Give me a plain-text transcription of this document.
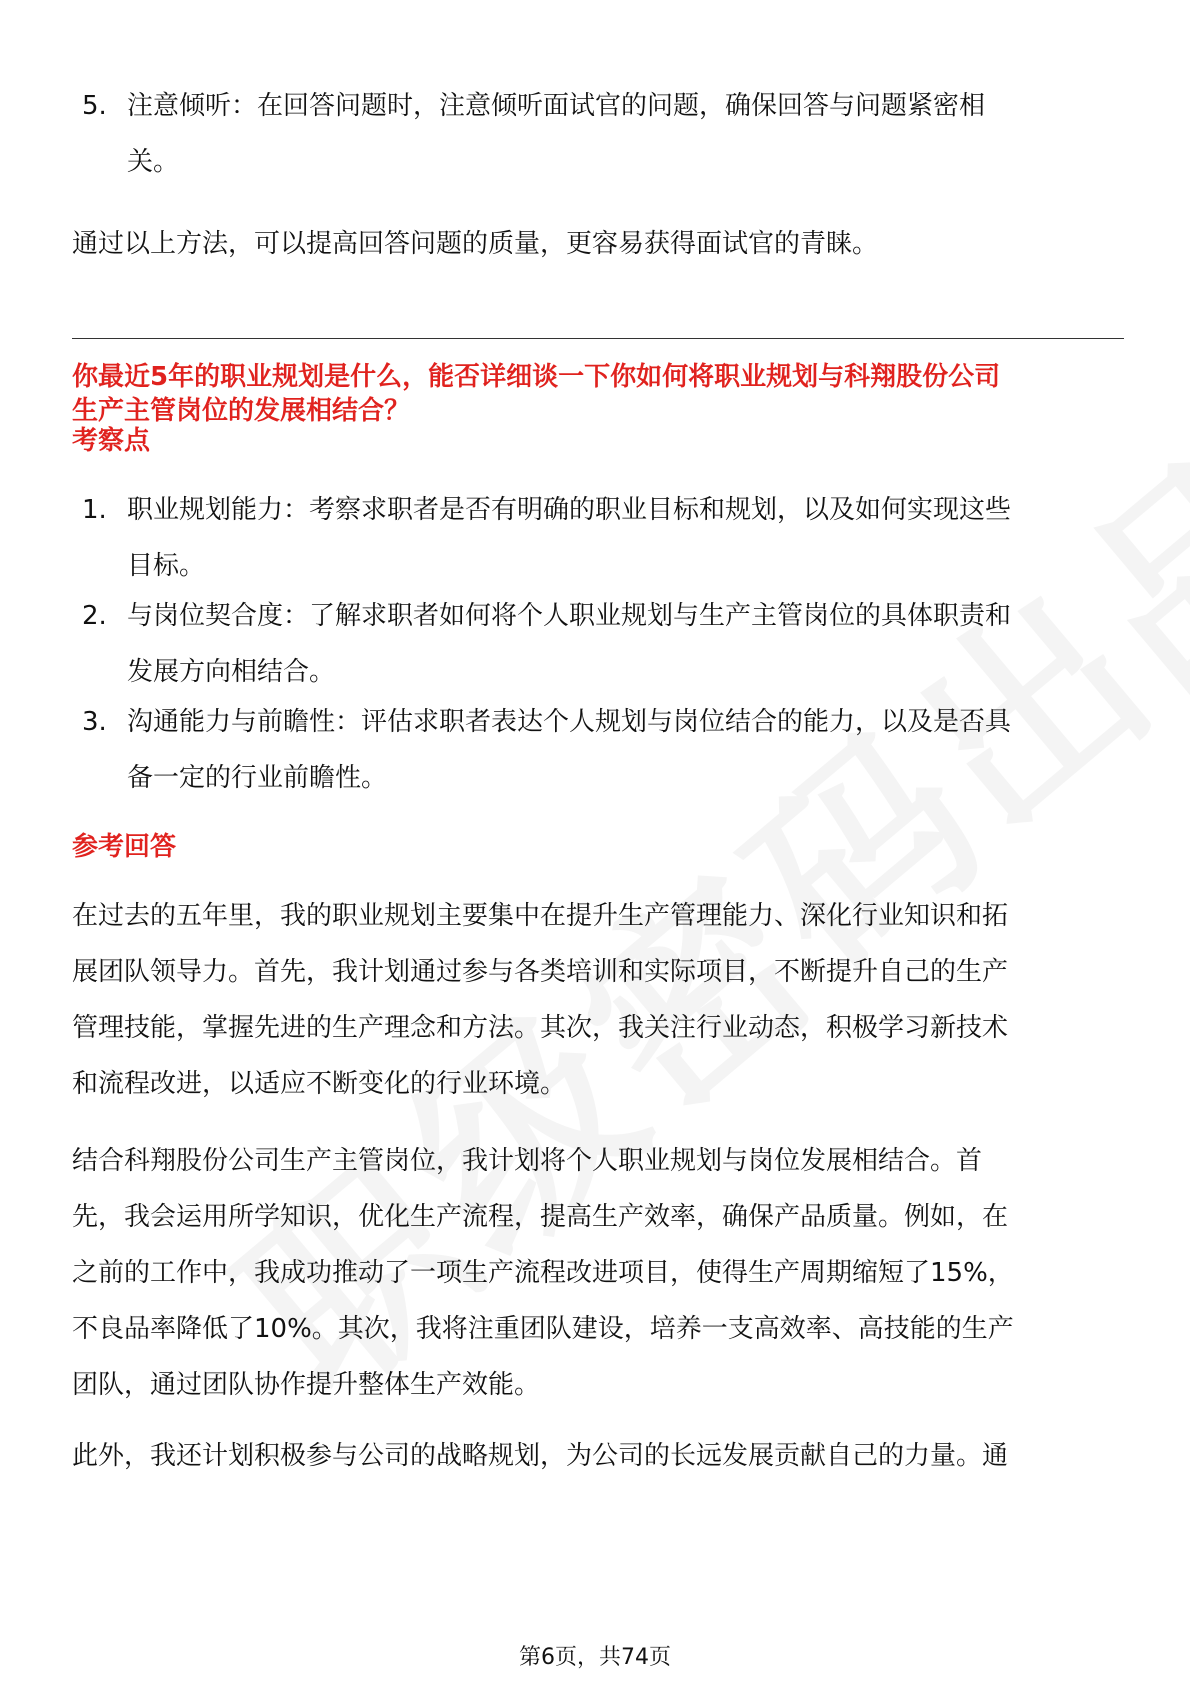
5. 注意倾听：在回答问题时，注意倾听面试官的问题，确保回答与问题紧密相
关。
通过以上方法，可以提高回答问题的质量，更容易获得面试官的青睐。
你最近5年的职业规划是什么，能否详细谈一下你如何将职业规划与科翔股份公司
生产主管岗位的发展相结合？
考察点
1. 职业规划能力：考察求职者是否有明确的职业目标和规划，以及如何实现这些
目标。
2. 与岗位契合度：了解求职者如何将个人职业规划与生产主管岗位的具体职责和
发展方向相结合。
3. 沟通能力与前瞻性：评估求职者表达个人规划与岗位结合的能力，以及是否具
备一定的行业前瞻性。
参考回答
在过去的五年里，我的职业规划主要集中在提升生产管理能力、深化行业知识和拓
展团队领导力。首先，我计划通过参与各类培训和实际项目，不断提升自己的生产
管理技能，掌握先进的生产理念和方法。其次，我关注行业动态，积极学习新技术
和流程改进，以适应不断变化的行业环境。
结合科翔股份公司生产主管岗位，我计划将个人职业规划与岗位发展相结合。首
先，我会运用所学知识，优化生产流程，提高生产效率，确保产品质量。例如，在
之前的工作中，我成功推动了一项生产流程改进项目，使得生产周期缩短了15%，
不良品率降低了10%。其次，我将注重团队建设，培养一支高效率、高技能的生产
团队，通过团队协作提升整体生产效能。
此外，我还计划积极参与公司的战略规划，为公司的长远发展贡献自己的力量。通
第6页，共74页
